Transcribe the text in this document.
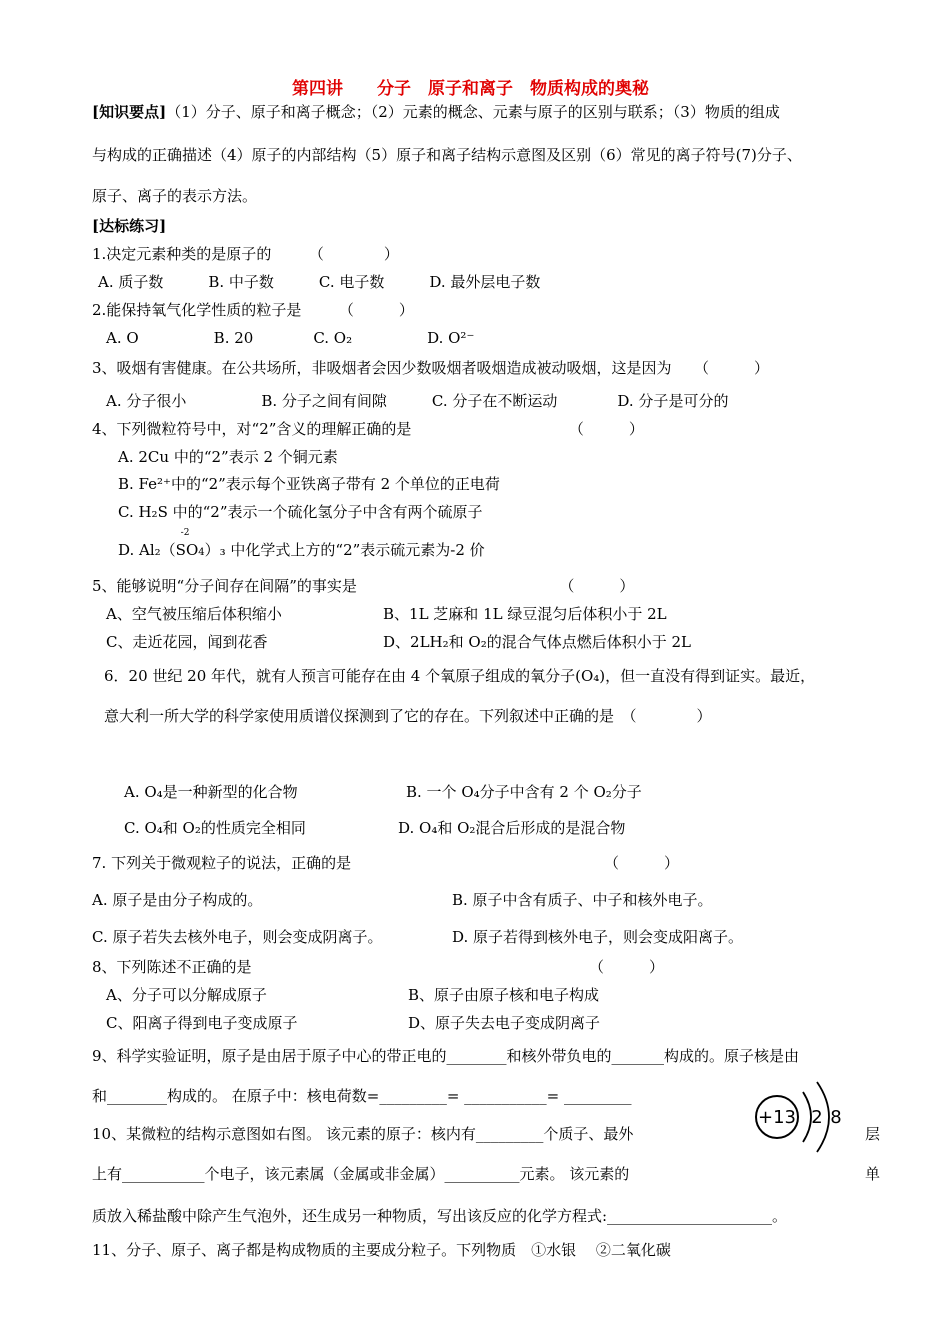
第四讲　　分子　原子和离子　物质构成的奥秘
[知识要点]（1）分子、原子和离子概念；（2）元素的概念、元素与原子的区别与联系；（3）物质的组成
与构成的正确描述（4）原子的内部结构（5）原子和离子结构示意图及区别（6）常见的离子符号(7)分子、
原子、离子的表示方法。
[达标练习]
1.决定元素种类的是原子的　　　（　　　　）
A. 质子数　　　B. 中子数　　　C. 电子数　　　D. 最外层电子数
2.能保持氧气化学性质的粒子是　　　（　　　）
A. O　　　　　B. 20　　　　C. O₂　　　　　D. O²⁻
3、吸烟有害健康。在公共场所，非吸烟者会因少数吸烟者吸烟造成被动吸烟，这是因为　　（　　　）
A. 分子很小　　　　　B. 分子之间有间隙　　　C. 分子在不断运动　　　　D. 分子是可分的
4、下列微粒符号中，对“2”含义的理解正确的是　　　　　　　　　　　（　　　）
A. 2Cu 中的“2”表示 2 个铜元素
B. Fe²⁺中的“2”表示每个亚铁离子带有 2 个单位的正电荷
C. H₂S 中的“2”表示一个硫化氢分子中含有两个硫原子
D. Al₂（
-2
SO4）₃ 中化学式上方的“2”表示硫元素为-2 价
5、能够说明“分子间存在间隔”的事实是　　　　　　　　　　　　　　（　　　）
A、空气被压缩后体积缩小	B、1L 芝麻和 1L 绿豆混匀后体积小于 2L
C、走近花园，闻到花香	D、2LH₂和 O₂的混合气体点燃后体积小于 2L
6．20 世纪 20 年代，就有人预言可能存在由 4 个氧原子组成的氧分子(O₄)，但一直没有得到证实。最近，
意大利一所大学的科学家使用质谱仪探测到了它的存在。下列叙述中正确的是　（　　　　）
A. O₄是一种新型的化合物	B. 一个 O₄分子中含有 2 个 O₂分子
C. O₄和 O₂的性质完全相同	D. O₄和 O₂混合后形成的是混合物
7. 下列关于微观粒子的说法，正确的是	（　　　）
A. 原子是由分子构成的。	B. 原子中含有质子、中子和核外电子。
C. 原子若失去核外电子，则会变成阴离子。	D. 原子若得到核外电子，则会变成阳离子。
8、下列陈述不正确的是　　　　　　　　　　　　　　　　　　　　　　　（　　　）
A、分子可以分解成原子	B、原子由原子核和电子构成
C、阳离子得到电子变成原子	D、原子失去电子变成阴离子
9、科学实验证明，原子是由居于原子中心的带正电的________和核外带负电的_______构成的。原子核是由
和________构成的。 在原子中：核电荷数=_________= ___________= _________
10、某微粒的结构示意图如右图。 该元素的原子：核内有_________个质子、最外	层
上有___________个电子，该元素属（金属或非金属）__________元素。 该元素的	单
质放入稀盐酸中除产生气泡外，还生成另一种物质，写出该反应的化学方程式:______________________。
+13 2 8
11、分子、原子、离子都是构成物质的主要成分粒子。下列物质　①水银　 ②二氧化碳
